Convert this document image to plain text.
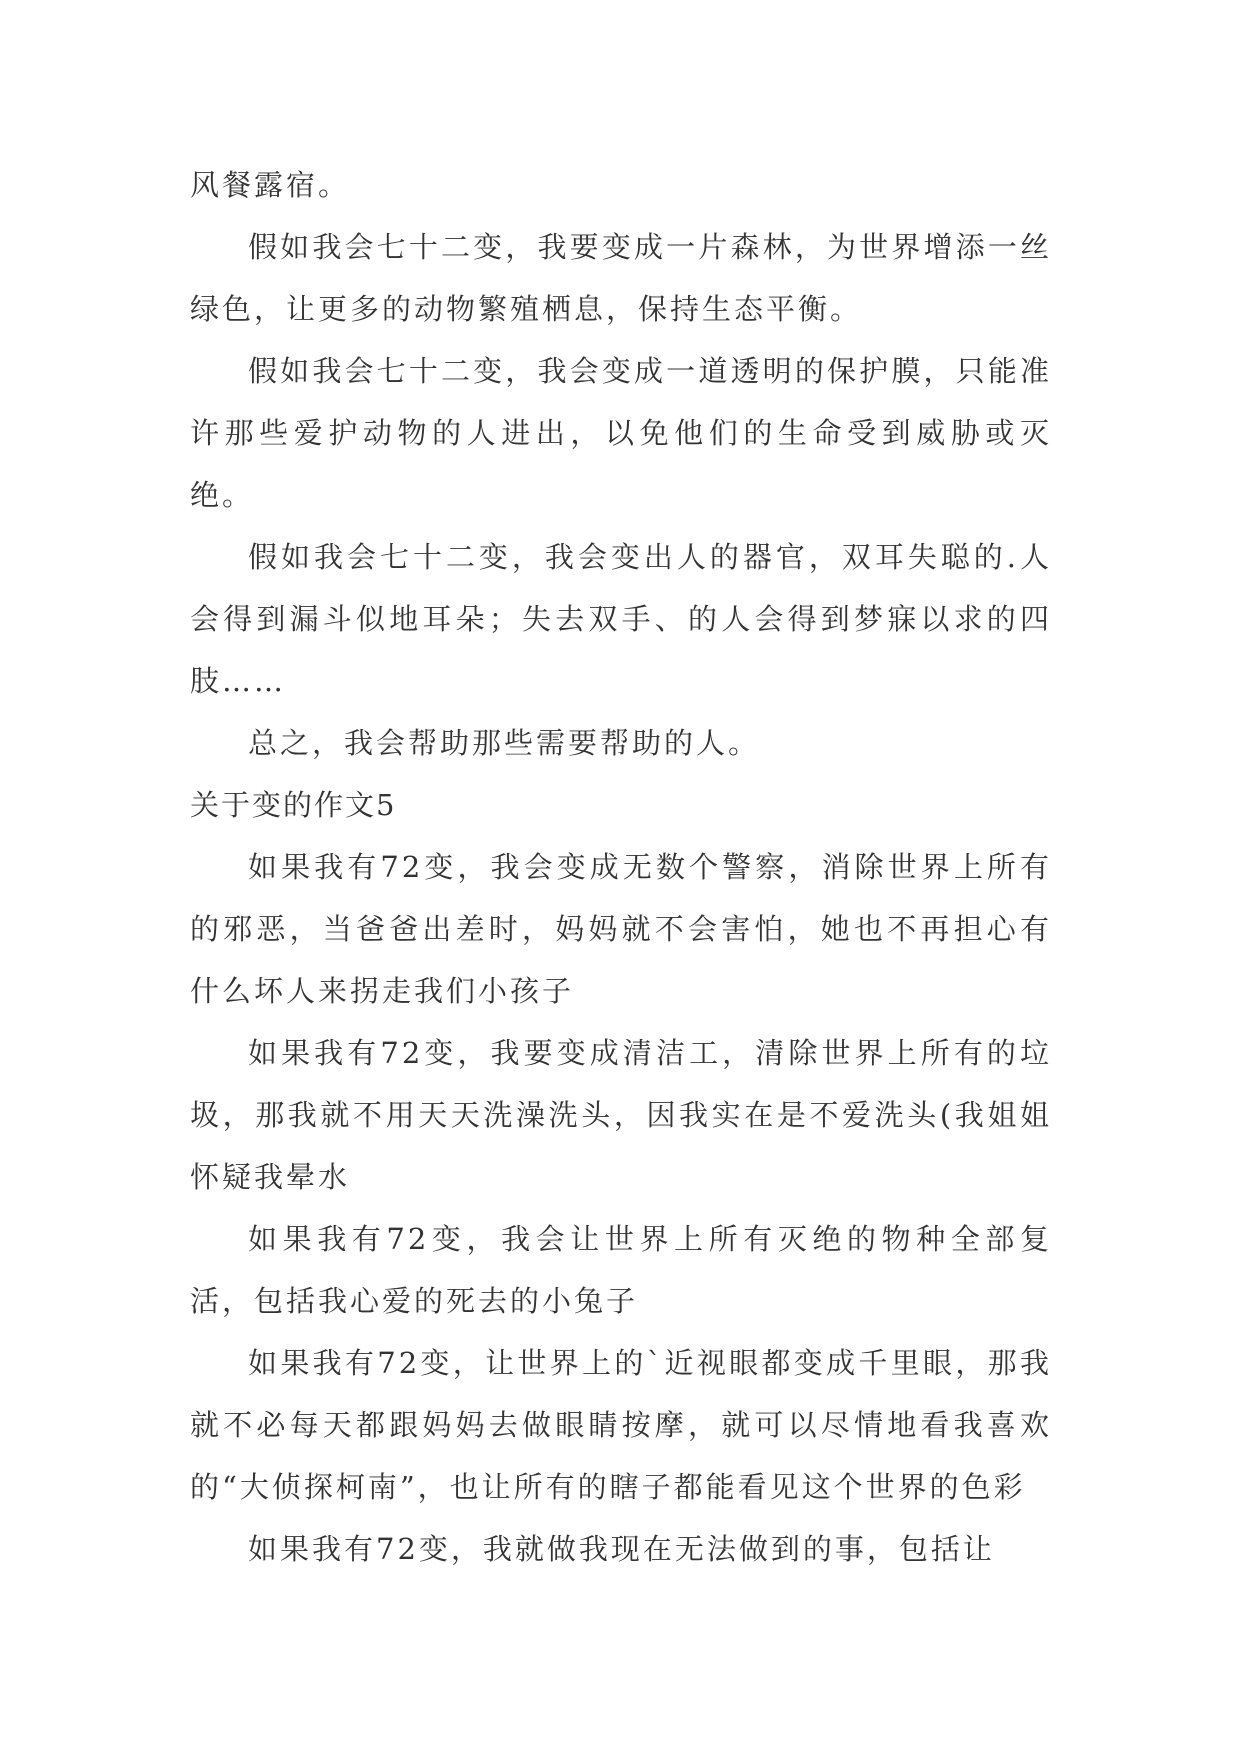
风餐露宿。

假如我会七十二变，我要变成一片森林，为世界增添一丝绿色，让更多的动物繁殖栖息，保持生态平衡。

假如我会七十二变，我会变成一道透明的保护膜，只能准许那些爱护动物的人进出，以免他们的生命受到威胁或灭绝。

假如我会七十二变，我会变出人的器官，双耳失聪的.人会得到漏斗似地耳朵；失去双手、的人会得到梦寐以求的四肢……

总之，我会帮助那些需要帮助的人。

关于变的作文5

如果我有72变，我会变成无数个警察，消除世界上所有的邪恶，当爸爸出差时，妈妈就不会害怕，她也不再担心有什么坏人来拐走我们小孩子

如果我有72变，我要变成清洁工，清除世界上所有的垃圾，那我就不用天天洗澡洗头，因我实在是不爱洗头(我姐姐怀疑我晕水

如果我有72变，我会让世界上所有灭绝的物种全部复活，包括我心爱的死去的小兔子

如果我有72变，让世界上的`近视眼都变成千里眼，那我就不必每天都跟妈妈去做眼睛按摩，就可以尽情地看我喜欢的“大侦探柯南”，也让所有的瞎子都能看见这个世界的色彩

如果我有72变，我就做我现在无法做到的事，包括让
